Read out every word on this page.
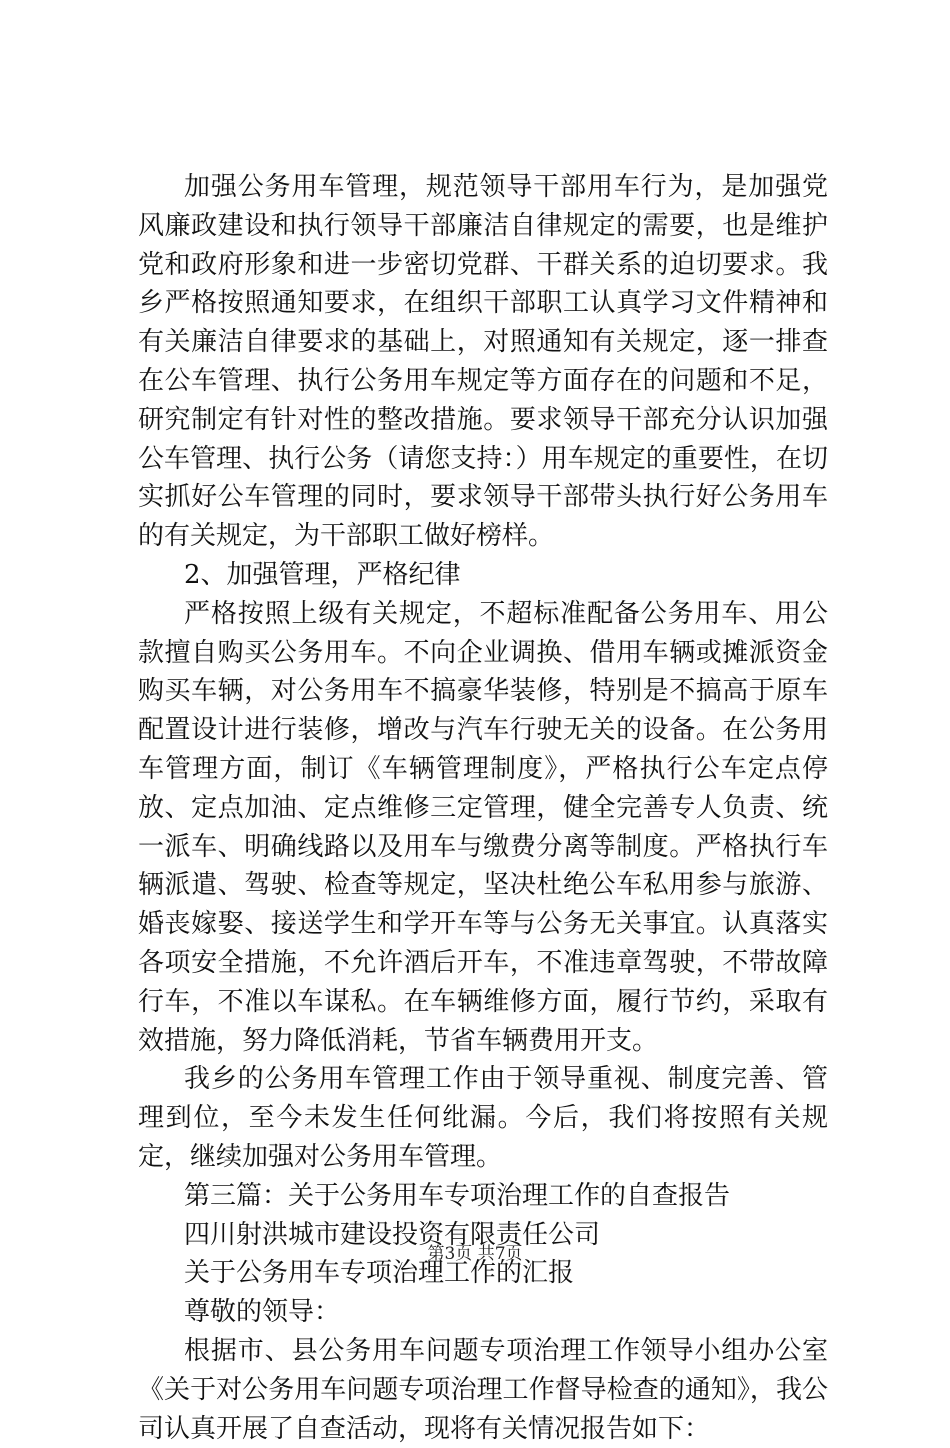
加强公务用车管理，规范领导干部用车行为，是加强党风廉政建设和执行领导干部廉洁自律规定的需要，也是维护党和政府形象和进一步密切党群、干群关系的迫切要求。我乡严格按照通知要求，在组织干部职工认真学习文件精神和有关廉洁自律要求的基础上，对照通知有关规定，逐一排查在公车管理、执行公务用车规定等方面存在的问题和不足，研究制定有针对性的整改措施。要求领导干部充分认识加强公车管理、执行公务（请您支持：）用车规定的重要性，在切实抓好公车管理的同时，要求领导干部带头执行好公务用车的有关规定，为干部职工做好榜样。

2、加强管理，严格纪律

严格按照上级有关规定，不超标准配备公务用车、用公款擅自购买公务用车。不向企业调换、借用车辆或摊派资金购买车辆，对公务用车不搞豪华装修，特别是不搞高于原车配置设计进行装修，增改与汽车行驶无关的设备。在公务用车管理方面，制订《车辆管理制度》，严格执行公车定点停放、定点加油、定点维修三定管理，健全完善专人负责、统一派车、明确线路以及用车与缴费分离等制度。严格执行车辆派遣、驾驶、检查等规定，坚决杜绝公车私用参与旅游、婚丧嫁娶、接送学生和学开车等与公务无关事宜。认真落实各项安全措施，不允许酒后开车，不准违章驾驶，不带故障行车，不准以车谋私。在车辆维修方面，履行节约，采取有效措施，努力降低消耗，节省车辆费用开支。

我乡的公务用车管理工作由于领导重视、制度完善、管理到位，至今未发生任何纰漏。今后，我们将按照有关规定，继续加强对公务用车管理。

第三篇：关于公务用车专项治理工作的自查报告

四川射洪城市建设投资有限责任公司

关于公务用车专项治理工作的汇报

尊敬的领导：

根据市、县公务用车问题专项治理工作领导小组办公室《关于对公务用车问题专项治理工作督导检查的通知》，我公司认真开展了自查活动，现将有关情况报告如下：

第3页 共7页
